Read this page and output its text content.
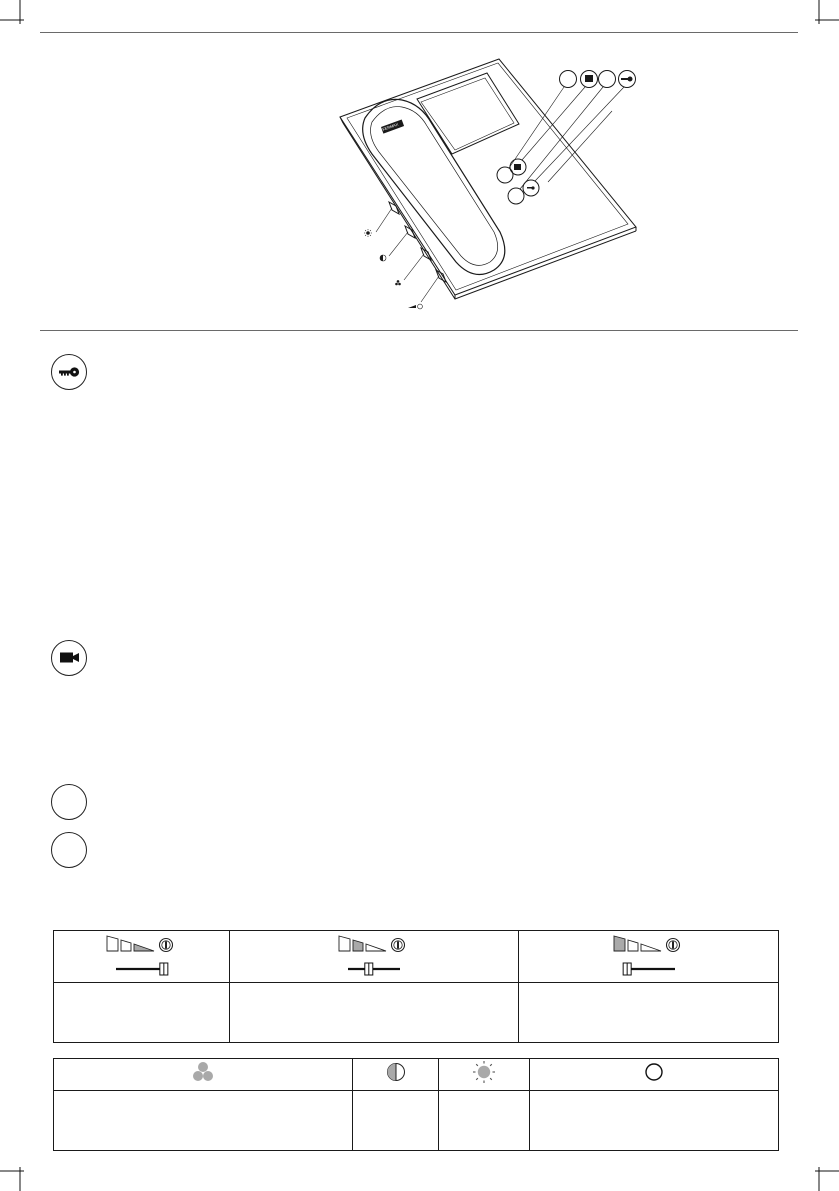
FERMAX
